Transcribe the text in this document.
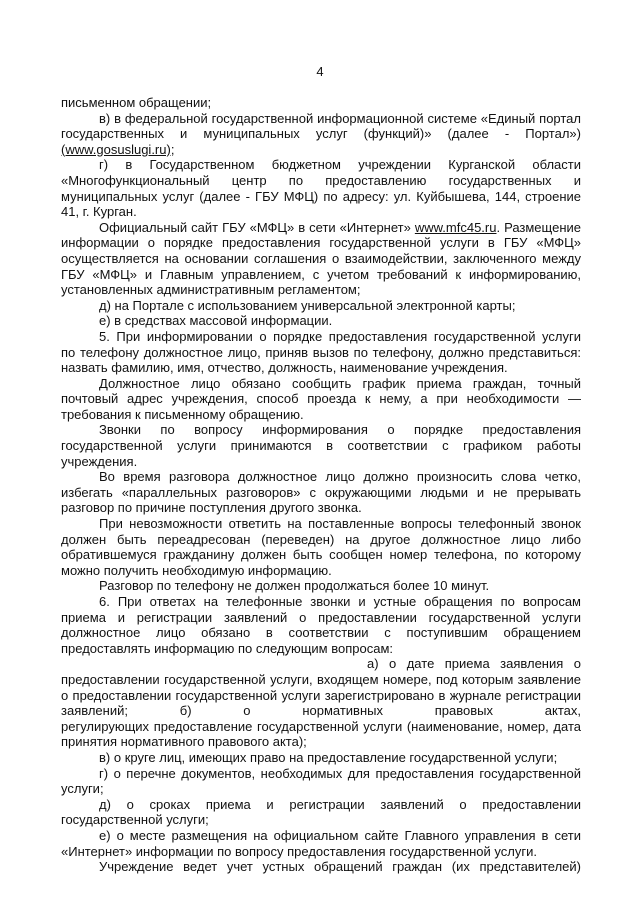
4
письменном обращении;
в) в федеральной государственной информационной системе «Единый портал
государственных и муниципальных услуг (функций)» (далее - Портал»)
(www.gosuslugi.ru);
г) в Государственном бюджетном учреждении Курганской области
«Многофункциональный центр по предоставлению государственных и
муниципальных услуг (далее - ГБУ МФЦ) по адресу: ул. Куйбышева, 144, строение
41, г. Курган.
Официальный сайт ГБУ «МФЦ» в сети «Интернет» www.mfc45.ru. Размещение
информации о порядке предоставления государственной услуги в ГБУ «МФЦ»
осуществляется на основании соглашения о взаимодействии, заключенного между
ГБУ «МФЦ» и Главным управлением, с учетом требований к информированию,
установленных административным регламентом;
д) на Портале с использованием универсальной электронной карты;
е) в средствах массовой информации.
5. При информировании о порядке предоставления государственной услуги
по телефону должностное лицо, приняв вызов по телефону, должно представиться:
назвать фамилию, имя, отчество, должность, наименование учреждения.
Должностное лицо обязано сообщить график приема граждан, точный
почтовый адрес учреждения, способ проезда к нему, а при необходимости —
требования к письменному обращению.
Звонки по вопросу информирования о порядке предоставления
государственной услуги принимаются в соответствии с графиком работы
учреждения.
Во время разговора должностное лицо должно произносить слова четко,
избегать «параллельных разговоров» с окружающими людьми и не прерывать
разговор по причине поступления другого звонка.
При невозможности ответить на поставленные вопросы телефонный звонок
должен быть переадресован (переведен) на другое должностное лицо либо
обратившемуся гражданину должен быть сообщен номер телефона, по которому
можно получить необходимую информацию.
Разговор по телефону не должен продолжаться более 10 минут.
6. При ответах на телефонные звонки и устные обращения по вопросам
приема и регистрации заявлений о предоставлении государственной услуги
должностное лицо обязано в соответствии с поступившим обращением
предоставлять информацию по следующим вопросам:
а) о дате приема заявления о
предоставлении государственной услуги, входящем номере, под которым заявление
о предоставлении государственной услуги зарегистрировано в журнале регистрации
заявлений; б) о нормативных правовых актах,
регулирующих предоставление государственной услуги (наименование, номер, дата
принятия нормативного правового акта);
в) о круге лиц, имеющих право на предоставление государственной услуги;
г) о перечне документов, необходимых для предоставления государственной
услуги;
д) о сроках приема и регистрации заявлений о предоставлении
государственной услуги;
е) о месте размещения на официальном сайте Главного управления в сети
«Интернет» информации по вопросу предоставления государственной услуги.
Учреждение ведет учет устных обращений граждан (их представителей)
